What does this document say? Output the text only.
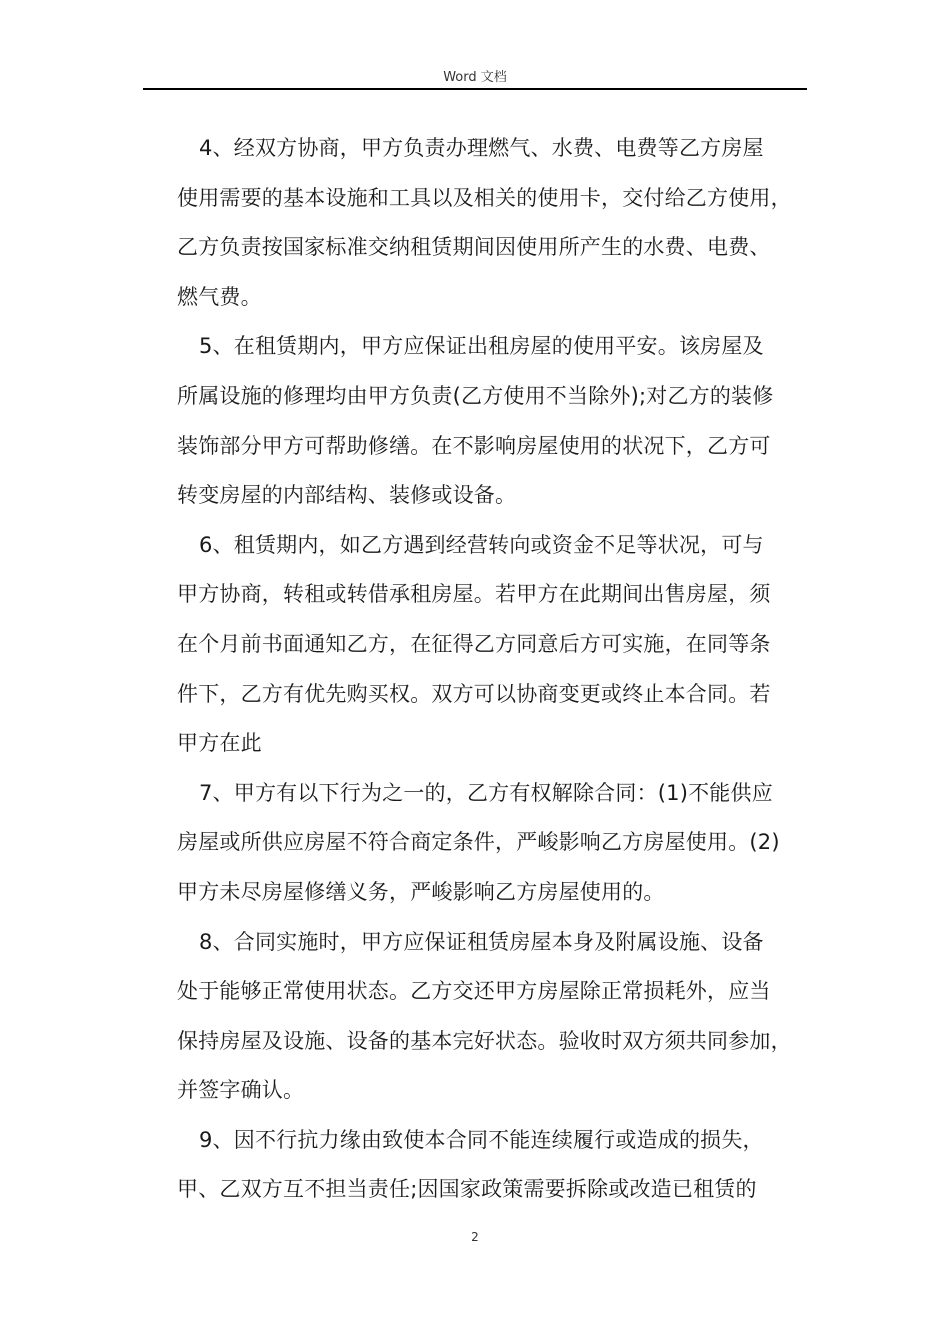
Word 文档
4、经双方协商，甲方负责办理燃气、水费、电费等乙方房屋
使用需要的基本设施和工具以及相关的使用卡，交付给乙方使用，
乙方负责按国家标准交纳租赁期间因使用所产生的水费、电费、
燃气费。
5、在租赁期内，甲方应保证出租房屋的使用平安。该房屋及
所属设施的修理均由甲方负责(乙方使用不当除外);对乙方的装修
装饰部分甲方可帮助修缮。在不影响房屋使用的状况下，乙方可
转变房屋的内部结构、装修或设备。
6、租赁期内，如乙方遇到经营转向或资金不足等状况，可与
甲方协商，转租或转借承租房屋。若甲方在此期间出售房屋，须
在个月前书面通知乙方，在征得乙方同意后方可实施，在同等条
件下，乙方有优先购买权。双方可以协商变更或终止本合同。若
甲方在此
7、甲方有以下行为之一的，乙方有权解除合同：(1)不能供应
房屋或所供应房屋不符合商定条件，严峻影响乙方房屋使用。(2)
甲方未尽房屋修缮义务，严峻影响乙方房屋使用的。
8、合同实施时，甲方应保证租赁房屋本身及附属设施、设备
处于能够正常使用状态。乙方交还甲方房屋除正常损耗外，应当
保持房屋及设施、设备的基本完好状态。验收时双方须共同参加，
并签字确认。
9、因不行抗力缘由致使本合同不能连续履行或造成的损失，
甲、乙双方互不担当责任;因国家政策需要拆除或改造已租赁的
2
